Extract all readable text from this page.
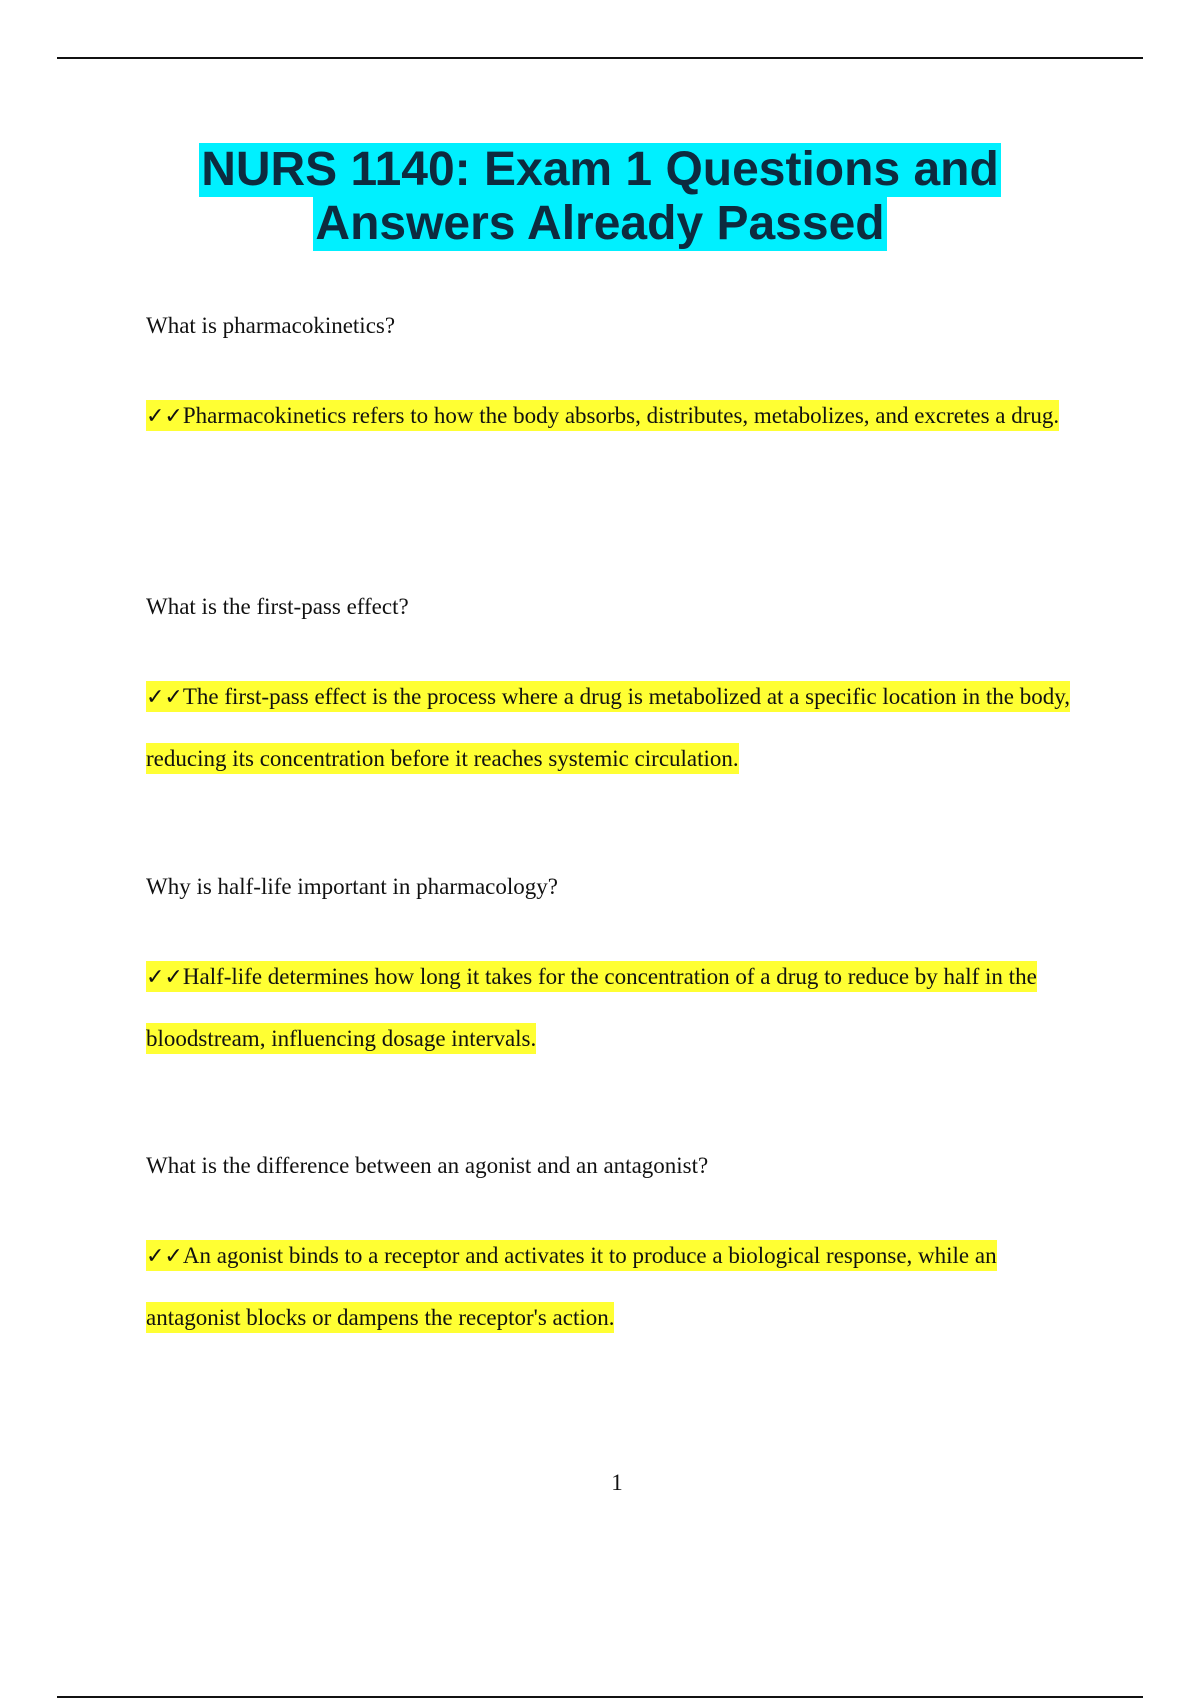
NURS 1140: Exam 1 Questions and
Answers Already Passed

What is pharmacokinetics?

✓✓Pharmacokinetics refers to how the body absorbs, distributes, metabolizes, and excretes a drug.

What is the first-pass effect?

✓✓The first-pass effect is the process where a drug is metabolized at a specific location in the body, reducing its concentration before it reaches systemic circulation.

Why is half-life important in pharmacology?

✓✓Half-life determines how long it takes for the concentration of a drug to reduce by half in the bloodstream, influencing dosage intervals.

What is the difference between an agonist and an antagonist?

✓✓An agonist binds to a receptor and activates it to produce a biological response, while an antagonist blocks or dampens the receptor's action.
1
